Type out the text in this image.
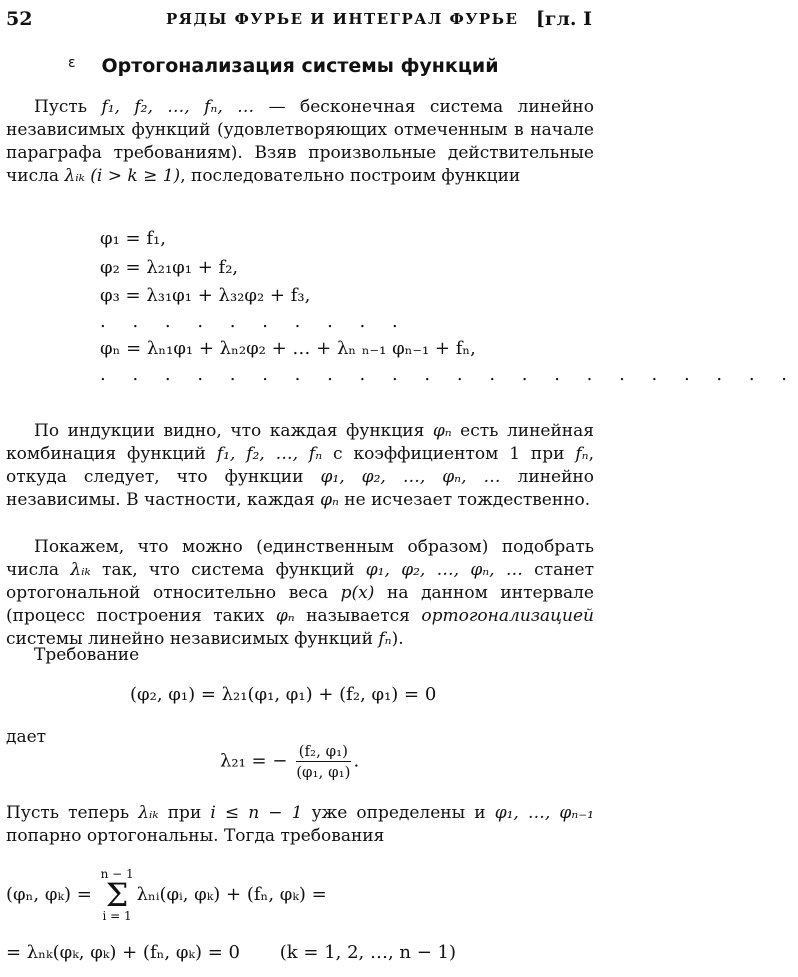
52	РЯДЫ ФУРЬЕ И ИНТЕГРАЛ ФУРЬЕ [гл. I
ε Ортогонализация системы функций
Пусть f₁, f₂, …, fₙ, … — бесконечная система линейно независимых функций (удовлетворяющих отмеченным в начале параграфа требованиям). Взяв произвольные действительные числа λᵢₖ (i > k ≥ 1), последовательно построим функции
φ₁ = f₁,
φ₂ = λ₂₁φ₁ + f₂,
φ₃ = λ₃₁φ₁ + λ₃₂φ₂ + f₃,
. . . . . . . . . .
φₙ = λₙ₁φ₁ + λₙ₂φ₂ + … + λₙ ₙ₋₁ φₙ₋₁ + fₙ,
. . . . . . . . . . . . . . . . . . . . . .
По индукции видно, что каждая функция φₙ есть линейная комбинация функций f₁, f₂, …, fₙ с коэффициентом 1 при fₙ, откуда следует, что функции φ₁, φ₂, …, φₙ, … линейно независимы. В частности, каждая φₙ не исчезает тождественно.
Покажем, что можно (единственным образом) подобрать числа λᵢₖ так, что система функций φ₁, φ₂, …, φₙ, … станет ортогональной относительно веса p(x) на данном интервале (процесс построения таких φₙ называется ортогонализацией системы линейно независимых функций fₙ).
Требование
(φ₂, φ₁) = λ₂₁(φ₁, φ₁) + (f₂, φ₁) = 0
дает
λ₂₁ = − $\frac{\text{(f₂, φ₁)}}{\text{(φ₁, φ₁)}}$ .
Пусть теперь λᵢₖ при i ≤ n − 1 уже определены и φ₁, …, φₙ₋₁ попарно ортогональны. Тогда требования
(φₙ, φₖ) =
n − 1
Σ
i = 1
λₙᵢ(φᵢ, φₖ) + (fₙ, φₖ) =
= λₙₖ(φₖ, φₖ) + (fₙ, φₖ) = 0 (k = 1, 2, …, n − 1)
